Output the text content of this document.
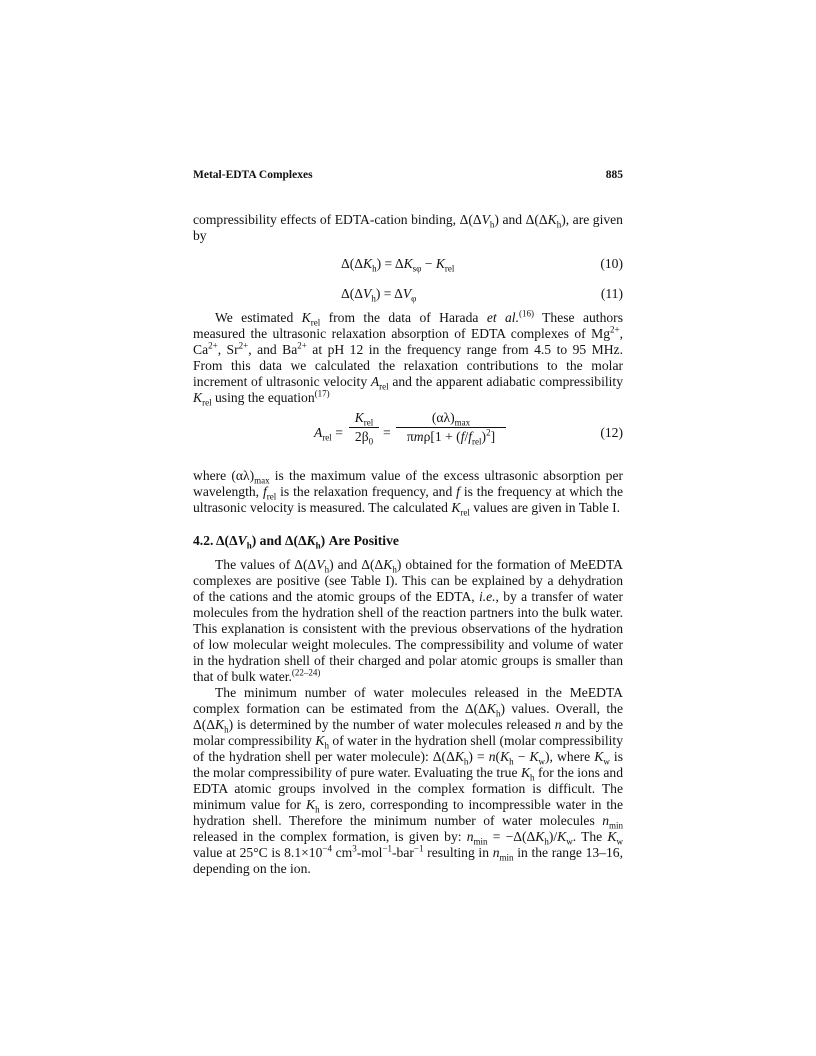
Metal-EDTA Complexes	885

compressibility effects of EDTA-cation binding, $\Delta(\Delta V_h)$ and $\Delta(\Delta K_h)$, are given by

$\Delta(\Delta K_h) = \Delta K_{s\varphi} - K_{rel}$	(10)
$\Delta(\Delta V_h) = \Delta V_\varphi$	(11)

We estimated $K_{rel}$ from the data of Harada et al.$^{(16)}$ These authors measured the ultrasonic relaxation absorption of EDTA complexes of $Mg^{2+}$, $Ca^{2+}$, $Sr^{2+}$, and $Ba^{2+}$ at pH 12 in the frequency range from 4.5 to 95 MHz. From this data we calculated the relaxation contributions to the molar increment of ultrasonic velocity $A_{rel}$ and the apparent adiabatic compressibility $K_{rel}$ using the equation$^{(17)}$

$A_{rel}$ =
$K_{rel}$
$2\beta_0$
=
$(\alpha\lambda)_{max}$
$\pi m\rho[1 + (f/f_{rel})^2]$	(12)

where $(\alpha\lambda)_{max}$ is the maximum value of the excess ultrasonic absorption per wavelength, $f_{rel}$ is the relaxation frequency, and f is the frequency at which the ultrasonic velocity is measured. The calculated $K_{rel}$ values are given in Table I.

4.2. $\Delta(\Delta V_h)$ and $\Delta(\Delta K_h)$ Are Positive

The values of $\Delta(\Delta V_h)$ and $\Delta(\Delta K_h)$ obtained for the formation of MeEDTA complexes are positive (see Table I). This can be explained by a dehydration of the cations and the atomic groups of the EDTA, i.e., by a transfer of water molecules from the hydration shell of the reaction partners into the bulk water. This explanation is consistent with the previous observations of the hydration of low molecular weight molecules. The compressibility and volume of water in the hydration shell of their charged and polar atomic groups is smaller than that of bulk water.$^{(22-24)}$

The minimum number of water molecules released in the MeEDTA complex formation can be estimated from the $\Delta(\Delta K_h)$ values. Overall, the $\Delta(\Delta K_h)$ is determined by the number of water molecules released n and by the molar compressibility $K_h$ of water in the hydration shell (molar compressibility of the hydration shell per water molecule): $\Delta(\Delta K_h) = n(K_h - K_w)$, where $K_w$ is the molar compressibility of pure water. Evaluating the true $K_h$ for the ions and EDTA atomic groups involved in the complex formation is difficult. The minimum value for $K_h$ is zero, corresponding to incompressible water in the hydration shell. Therefore the minimum number of water molecules $n_{min}$ released in the complex formation, is given by: $n_{min} = -\Delta(\Delta K_h)/K_w$. The $K_w$ value at 25°C is $8.1\times 10^{-4}$ $cm^3-mol^{-1}-bar^{-1}$ resulting in $n_{min}$ in the range 13–16, depending on the ion.
